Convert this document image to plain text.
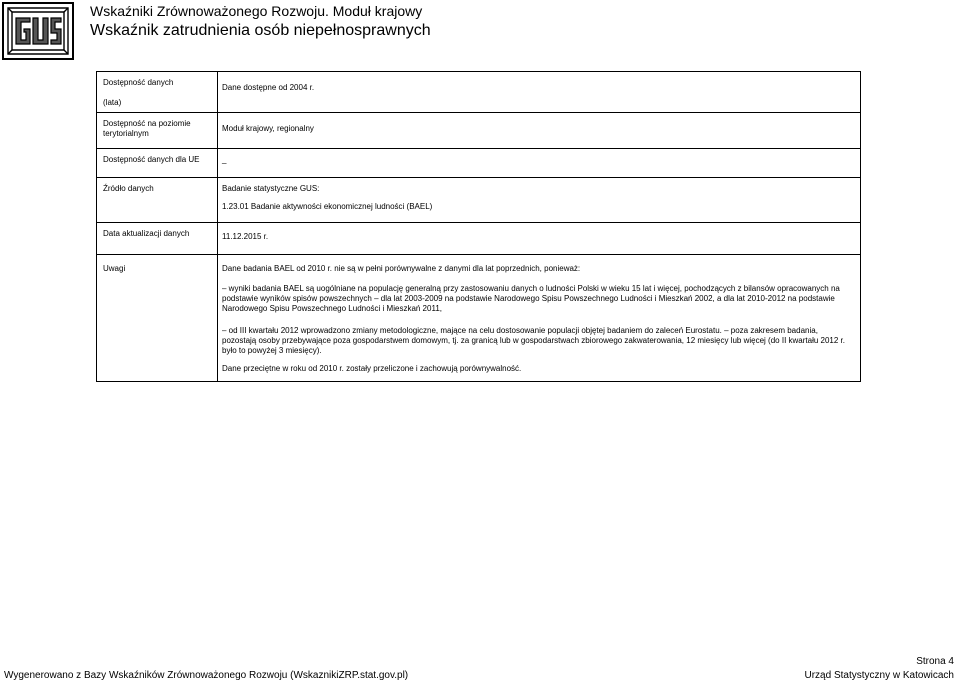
Wskaźniki Zrównoważonego Rozwoju. Moduł krajowy
Wskaźnik zatrudnienia osób niepełnosprawnych

Dostępność danych

(lata)	Dane dostępne od 2004 r.

Dostępność na poziomie terytorialnym	Moduł krajowy, regionalny

Dostępność danych dla UE	_

Źródło danych	Badanie statystyczne GUS:

1.23.01 Badanie aktywności ekonomicznej ludności (BAEL)

Data aktualizacji danych	11.12.2015 r.

Uwagi	Dane badania BAEL od 2010 r. nie są w pełni porównywalne z danymi dla lat poprzednich, ponieważ:

– wyniki badania BAEL są uogólniane na populację generalną przy zastosowaniu danych o ludności Polski w wieku 15 lat i więcej, pochodzących z bilansów opracowanych na podstawie wyników spisów powszechnych – dla lat 2003-2009 na podstawie Narodowego Spisu Powszechnego Ludności i Mieszkań 2002, a dla lat 2010-2012 na podstawie Narodowego Spisu Powszechnego Ludności i Mieszkań 2011,

– od III kwartału 2012 wprowadzono zmiany metodologiczne, mające na celu dostosowanie populacji objętej badaniem do zaleceń Eurostatu. – poza zakresem badania, pozostają osoby przebywające poza gospodarstwem domowym, tj. za granicą lub w gospodarstwach zbiorowego zakwaterowania, 12 miesięcy lub więcej (do II kwartału 2012 r. było to powyżej 3 miesięcy).

Dane przeciętne w roku od 2010 r. zostały przeliczone i zachowują porównywalność.

Strona 4
Wygenerowano z Bazy Wskaźników Zrównoważonego Rozwoju (WskaznikiZRP.stat.gov.pl)	Urząd Statystyczny w Katowicach
